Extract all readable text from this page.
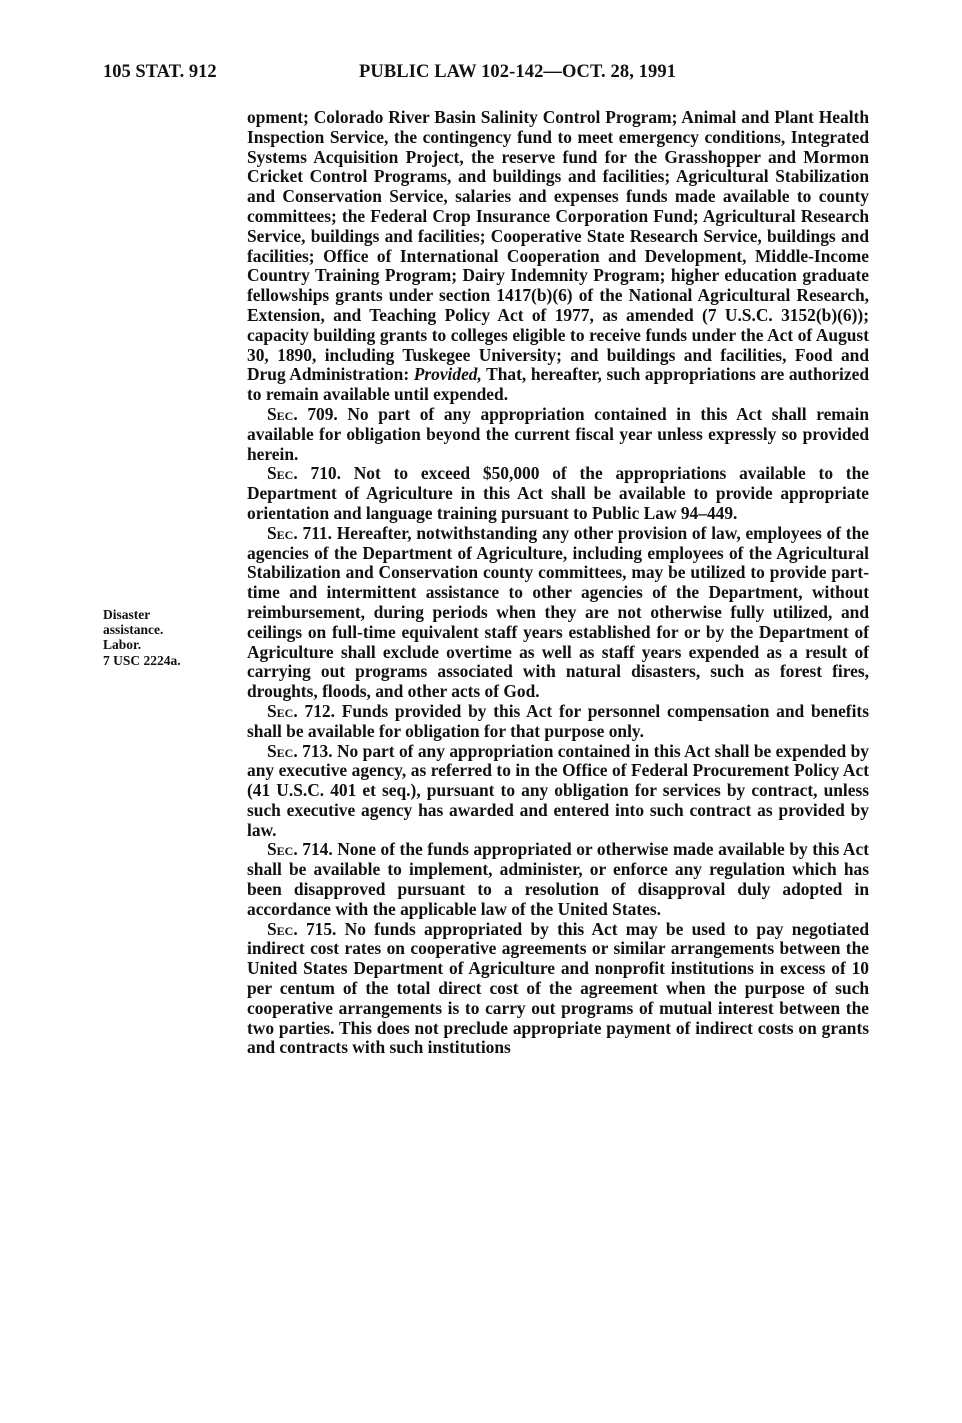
105 STAT. 912	PUBLIC LAW 102-142—OCT. 28, 1991
Disaster
assistance.
Labor.
7 USC 2224a.

opment; Colorado River Basin Salinity Control Program; Animal and Plant Health Inspection Service, the contingency fund to meet emergency conditions, Integrated Systems Acquisition Project, the reserve fund for the Grasshopper and Mormon Cricket Control Programs, and buildings and facilities; Agricultural Stabilization and Conservation Service, salaries and expenses funds made available to county committees; the Federal Crop Insurance Corporation Fund; Agricultural Research Service, buildings and facilities; Cooperative State Research Service, buildings and facilities; Office of International Cooperation and Development, Middle-Income Country Training Program; Dairy Indemnity Program; higher education graduate fellowships grants under section 1417(b)(6) of the National Agricultural Research, Extension, and Teaching Policy Act of 1977, as amended (7 U.S.C. 3152(b)(6)); capacity building grants to colleges eligible to receive funds under the Act of August 30, 1890, including Tuskegee University; and buildings and facilities, Food and Drug Administration: Provided, That, hereafter, such appropriations are authorized to remain available until expended.

Sec. 709. No part of any appropriation contained in this Act shall remain available for obligation beyond the current fiscal year unless expressly so provided herein.

Sec. 710. Not to exceed $50,000 of the appropriations available to the Department of Agriculture in this Act shall be available to provide appropriate orientation and language training pursuant to Public Law 94–449.

Sec. 711. Hereafter, notwithstanding any other provision of law, employees of the agencies of the Department of Agriculture, including employees of the Agricultural Stabilization and Conservation county committees, may be utilized to provide part-time and intermittent assistance to other agencies of the Department, without reimbursement, during periods when they are not otherwise fully utilized, and ceilings on full-time equivalent staff years established for or by the Department of Agriculture shall exclude overtime as well as staff years expended as a result of carrying out programs associated with natural disasters, such as forest fires, droughts, floods, and other acts of God.

Sec. 712. Funds provided by this Act for personnel compensation and benefits shall be available for obligation for that purpose only.

Sec. 713. No part of any appropriation contained in this Act shall be expended by any executive agency, as referred to in the Office of Federal Procurement Policy Act (41 U.S.C. 401 et seq.), pursuant to any obligation for services by contract, unless such executive agency has awarded and entered into such contract as provided by law.

Sec. 714. None of the funds appropriated or otherwise made available by this Act shall be available to implement, administer, or enforce any regulation which has been disapproved pursuant to a resolution of disapproval duly adopted in accordance with the applicable law of the United States.

Sec. 715. No funds appropriated by this Act may be used to pay negotiated indirect cost rates on cooperative agreements or similar arrangements between the United States Department of Agriculture and nonprofit institutions in excess of 10 per centum of the total direct cost of the agreement when the purpose of such cooperative arrangements is to carry out programs of mutual interest between the two parties. This does not preclude appropriate payment of indirect costs on grants and contracts with such institutions
